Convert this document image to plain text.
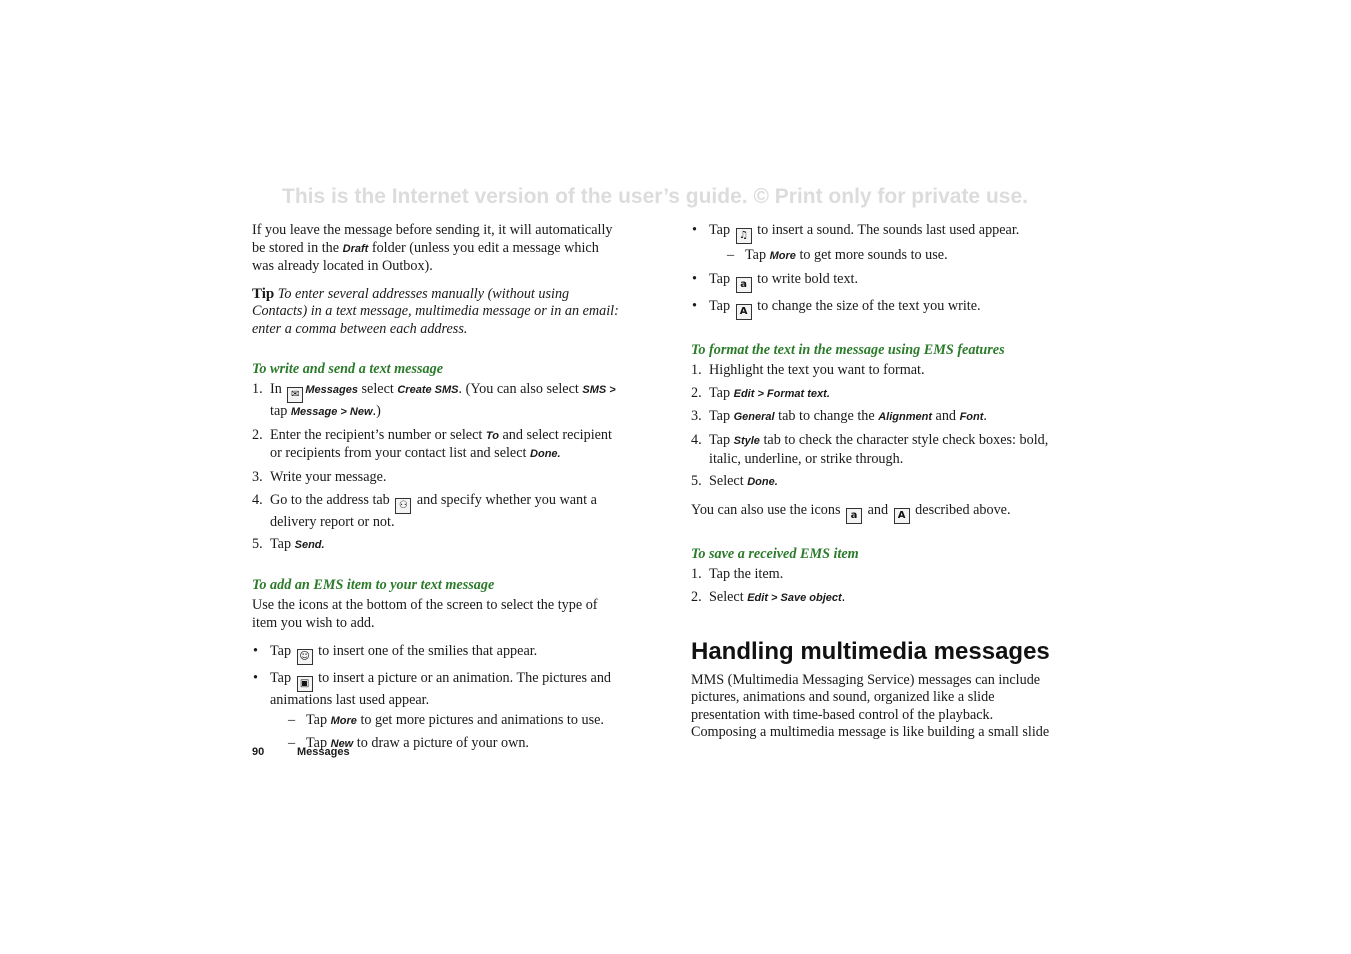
This is the Internet version of the user’s guide. © Print only for private use.

If you leave the message before sending it, it will automatically be stored in the Draft folder (unless you edit a message which was already located in Outbox).

Tip To enter several addresses manually (without using Contacts) in a text message, multimedia message or in an email: enter a comma between each address.

To write and send a text message
1. In ✉ Messages select Create SMS. (You can also select SMS > tap Message > New.)
2. Enter the recipient’s number or select To and select recipient or recipients from your contact list and select Done.
3. Write your message.
4. Go to the address tab ⚇ and specify whether you want a delivery report or not.
5. Tap Send.
To add an EMS item to your text message

Use the icons at the bottom of the screen to select the type of item you wish to add.

• Tap ☺ to insert one of the smilies that appear.
• Tap ▣ to insert a picture or an animation. The pictures and animations last used appear.
– Tap More to get more pictures and animations to use.
– Tap New to draw a picture of your own.
• Tap ♫ to insert a sound. The sounds last used appear.
– Tap More to get more sounds to use.
• Tap a to write bold text.
• Tap A to change the size of the text you write.
To format the text in the message using EMS features
1. Highlight the text you want to format.
2. Tap Edit > Format text.
3. Tap General tab to change the Alignment and Font.
4. Tap Style tab to check the character style check boxes: bold, italic, underline, or strike through.
5. Select Done.

You can also use the icons a and A described above.

To save a received EMS item
1. Tap the item.
2. Select Edit > Save object.
Handling multimedia messages

MMS (Multimedia Messaging Service) messages can include pictures, animations and sound, organized like a slide presentation with time-based control of the playback. Composing a multimedia message is like building a small slide

90	Messages
